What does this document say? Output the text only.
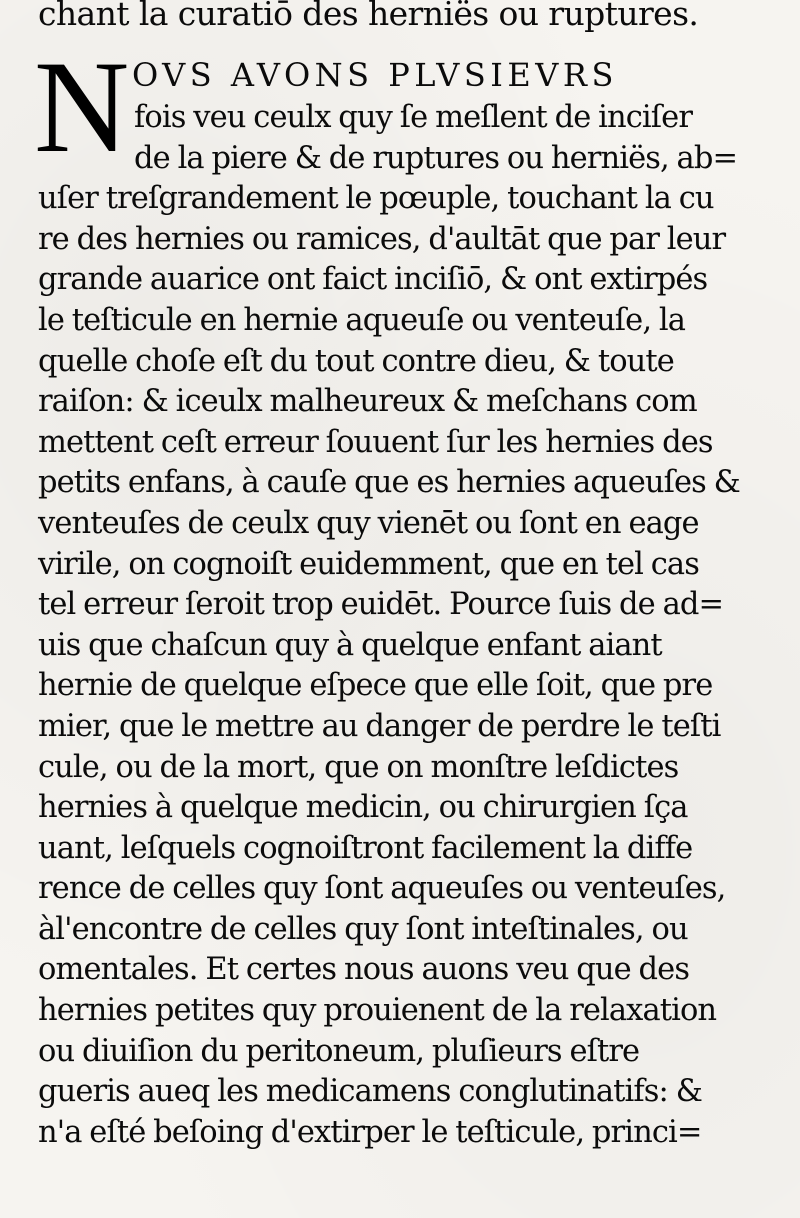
chant la curatiō des herniës ou ruptures.
N OVS AVONS PLVSIEVRS
fois veu ceulx quy ſe meſlent de inciſer
de la piere & de ruptures ou herniës, ab=
uſer treſgrandement le pœuple, touchant la cu
re des hernies ou ramices, d'aultāt que par leur
grande auarice ont faict inciſiō, & ont extirpés
le teſticule en hernie aqueuſe ou venteuſe, la
quelle choſe eſt du tout contre dieu, & toute
raiſon: & iceulx malheureux & meſchans com
mettent ceſt erreur ſouuent ſur les hernies des
petits enfans, à cauſe que es hernies aqueuſes &
venteuſes de ceulx quy vienēt ou ſont en eage
virile, on cognoiſt euidemment, que en tel cas
tel erreur ſeroit trop euidēt. Pource ſuis de ad=
uis que chaſcun quy à quelque enfant aiant
hernie de quelque eſpece que elle ſoit, que pre
mier, que le mettre au danger de perdre le teſti
cule, ou de la mort, que on monſtre leſdictes
hernies à quelque medicin, ou chirurgien ſça
uant, leſquels cognoiſtront facilement la diffe
rence de celles quy ſont aqueuſes ou venteuſes,
àl'encontre de celles quy ſont inteſtinales, ou
omentales. Et certes nous auons veu que des
hernies petites quy prouienent de la relaxation
ou diuiſion du peritoneum, pluſieurs eſtre
gueris aueq les medicamens conglutinatifs: &
n'a eſté beſoing d'extirper le teſticule, princi=
